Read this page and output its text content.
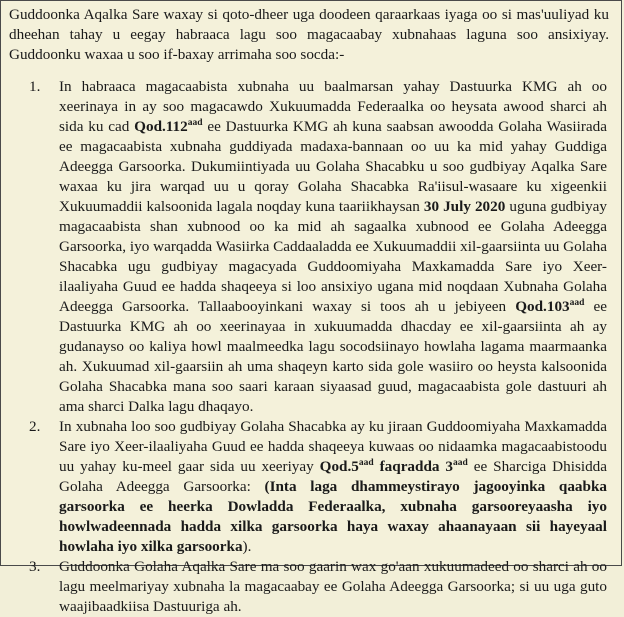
Guddoonka Aqalka Sare waxay si qoto-dheer uga doodeen qaraarkaas iyaga oo si mas'uuliyad ku dheehan tahay u eegay habraaca lagu soo magacaabay xubnahaas laguna soo ansixiyay. Guddoonku waxaa u soo if-baxay arrimaha soo socda:-
1. In habraaca magacaabista xubnaha uu baalmarsan yahay Dastuurka KMG ah oo xeerinaya in ay soo magacawdo Xukuumadda Federaalka oo heysata awood sharci ah sida ku cad Qod.112$^{aad}$ ee Dastuurka KMG ah kuna saabsan awoodda Golaha Wasiirada ee magacaabista xubnaha guddiyada madaxa-bannaan oo uu ka mid yahay Guddiga Adeegga Garsoorka. Dukumiintiyada uu Golaha Shacabku u soo gudbiyay Aqalka Sare waxaa ku jira warqad uu u qoray Golaha Shacabka Ra'iisul-wasaare ku xigeenkii Xukuumaddii kalsoonida lagala noqday kuna taariikhaysan 30 July 2020 uguna gudbiyay magacaabista shan xubnood oo ka mid ah sagaalka xubnood ee Golaha Adeegga Garsoorka, iyo warqadda Wasiirka Caddaaladda ee Xukuumaddii xil-gaarsiinta uu Golaha Shacabka ugu gudbiyay magacyada Guddoomiyaha Maxkamadda Sare iyo Xeer-ilaaliyaha Guud ee hadda shaqeeya si loo ansixiyo ugana mid noqdaan Xubnaha Golaha Adeegga Garsoorka. Tallaabooyinkani waxay si toos ah u jebiyeen Qod.103$^{aad}$ ee Dastuurka KMG ah oo xeerinayaa in xukuumadda dhacday ee xil-gaarsiinta ah ay gudanayso oo kaliya howl maalmeedka lagu socodsiinayo howlaha lagama maarmaanka ah. Xukuumad xil-gaarsiin ah uma shaqeyn karto sida gole wasiiro oo heysta kalsoonida Golaha Shacabka mana soo saari karaan siyaasad guud, magacaabista gole dastuuri ah ama sharci Dalka lagu dhaqayo.
2. In xubnaha loo soo gudbiyay Golaha Shacabka ay ku jiraan Guddoomiyaha Maxkamadda Sare iyo Xeer-ilaaliyaha Guud ee hadda shaqeeya kuwaas oo nidaamka magacaabistoodu uu yahay ku-meel gaar sida uu xeeriyay Qod.5$^{aad}$ faqradda $3^{aad}$ ee Sharciga Dhisidda Golaha Adeegga Garsoorka: (Inta laga dhammeystirayo jagooyinka qaabka garsoorka ee heerka Dowladda Federaalka, xubnaha garsooreyaasha iyo howlwadeennada hadda xilka garsoorka haya waxay ahaanayaan sii hayeyaal howlaha iyo xilka garsoorka).
3. Guddoonka Golaha Aqalka Sare ma soo gaarin wax go'aan xukuumadeed oo sharci ah oo lagu meelmariyay xubnaha la magacaabay ee Golaha Adeegga Garsoorka; si uu uga guto waajibaadkiisa Dastuuriga ah.
